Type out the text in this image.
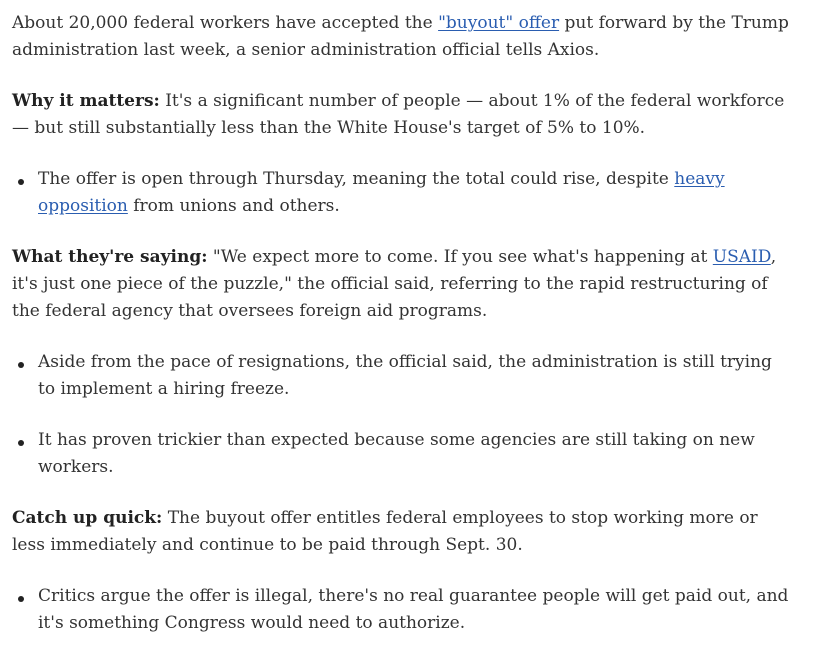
About 20,000 federal workers have accepted the "buyout" offer put forward by the Trump administration last week, a senior administration official tells Axios.

Why it matters: It's a significant number of people — about 1% of the federal workforce — but still substantially less than the White House's target of 5% to 10%.

The offer is open through Thursday, meaning the total could rise, despite heavy opposition from unions and others.

What they're saying: "We expect more to come. If you see what's happening at USAID, it's just one piece of the puzzle," the official said, referring to the rapid restructuring of the federal agency that oversees foreign aid programs.

Aside from the pace of resignations, the official said, the administration is still trying to implement a hiring freeze.
It has proven trickier than expected because some agencies are still taking on new workers.

Catch up quick: The buyout offer entitles federal employees to stop working more or less immediately and continue to be paid through Sept. 30.

Critics argue the offer is illegal, there's no real guarantee people will get paid out, and it's something Congress would need to authorize.
